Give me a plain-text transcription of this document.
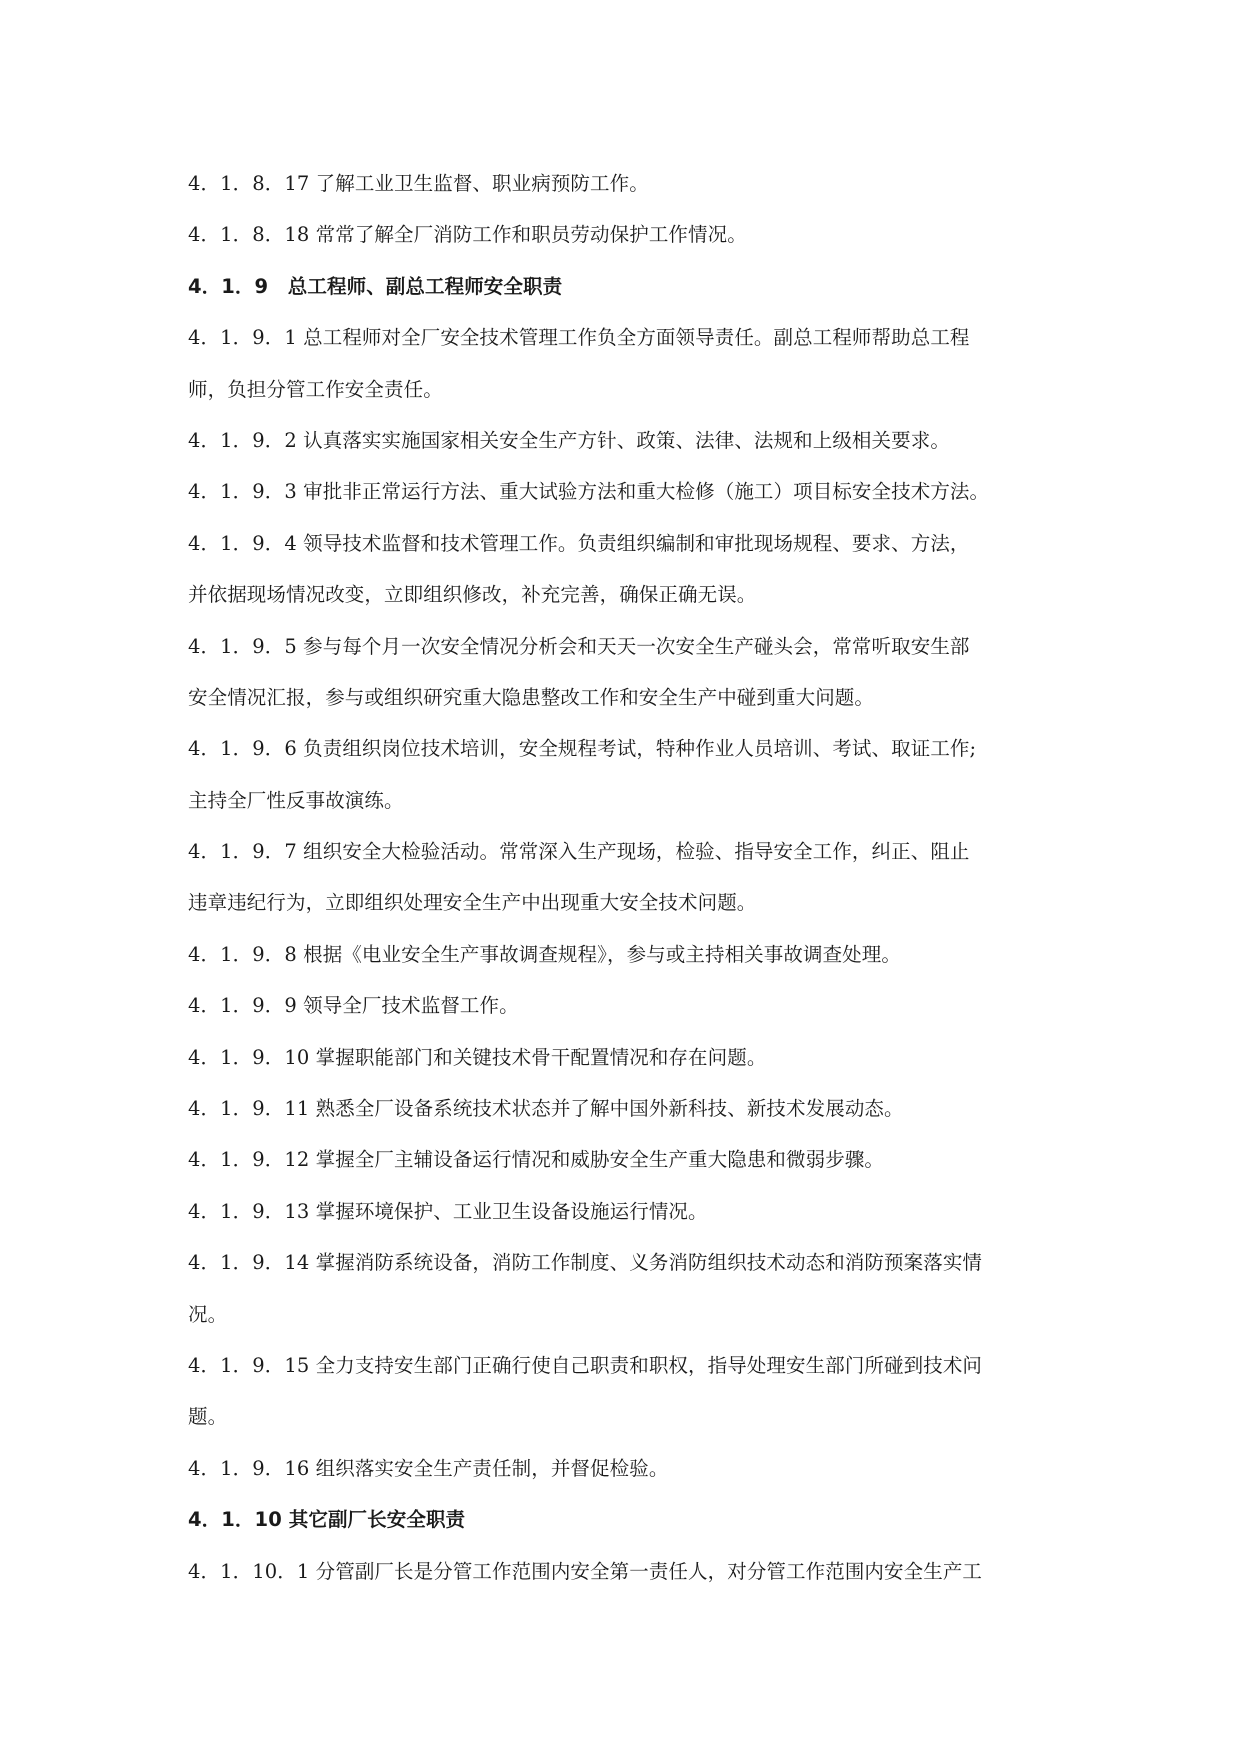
4．1．8．17 了解工业卫生监督、职业病预防工作。
4．1．8．18 常常了解全厂消防工作和职员劳动保护工作情况。
4．1．9　总工程师、副总工程师安全职责
4．1．9．1 总工程师对全厂安全技术管理工作负全方面领导责任。副总工程师帮助总工程
师，负担分管工作安全责任。
4．1．9．2 认真落实实施国家相关安全生产方针、政策、法律、法规和上级相关要求。
4．1．9．3 审批非正常运行方法、重大试验方法和重大检修（施工）项目标安全技术方法。
4．1．9．4 领导技术监督和技术管理工作。负责组织编制和审批现场规程、要求、方法，
并依据现场情况改变，立即组织修改，补充完善，确保正确无误。
4．1．9．5 参与每个月一次安全情况分析会和天天一次安全生产碰头会，常常听取安生部
安全情况汇报，参与或组织研究重大隐患整改工作和安全生产中碰到重大问题。
4．1．9．6 负责组织岗位技术培训，安全规程考试，特种作业人员培训、考试、取证工作;
主持全厂性反事故演练。
4．1．9．7 组织安全大检验活动。常常深入生产现场，检验、指导安全工作，纠正、阻止
违章违纪行为，立即组织处理安全生产中出现重大安全技术问题。
4．1．9．8 根据《电业安全生产事故调查规程》，参与或主持相关事故调查处理。
4．1．9．9 领导全厂技术监督工作。
4．1．9．10 掌握职能部门和关键技术骨干配置情况和存在问题。
4．1．9．11 熟悉全厂设备系统技术状态并了解中国外新科技、新技术发展动态。
4．1．9．12 掌握全厂主辅设备运行情况和威胁安全生产重大隐患和微弱步骤。
4．1．9．13 掌握环境保护、工业卫生设备设施运行情况。
4．1．9．14 掌握消防系统设备，消防工作制度、义务消防组织技术动态和消防预案落实情
况。
4．1．9．15 全力支持安生部门正确行使自己职责和职权，指导处理安生部门所碰到技术问
题。
4．1．9．16 组织落实安全生产责任制，并督促检验。
4．1．10 其它副厂长安全职责
4．1．10．1 分管副厂长是分管工作范围内安全第一责任人，对分管工作范围内安全生产工
